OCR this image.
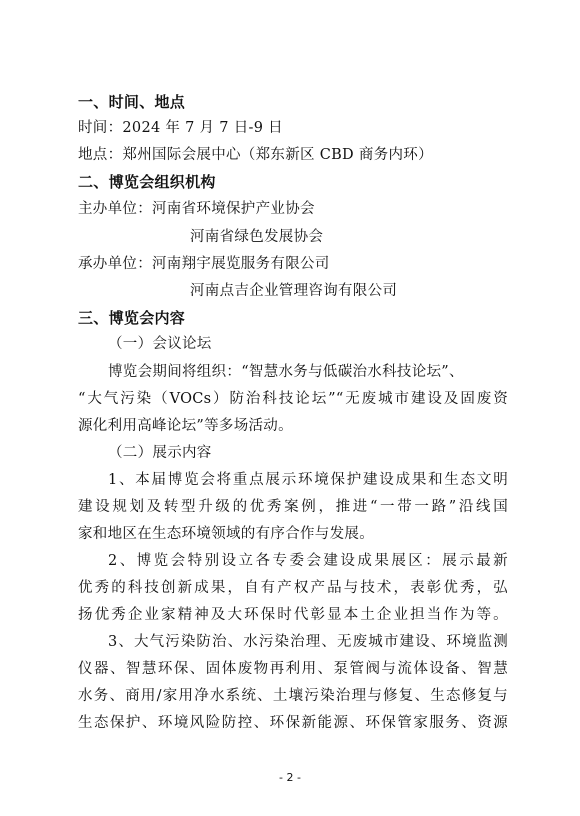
一、时间、地点
时间：2024 年 7 月 7 日-9 日
地点：郑州国际会展中心（郑东新区 CBD 商务内环）
二、博览会组织机构
主办单位：河南省环境保护产业协会
河南省绿色发展协会
承办单位：河南翔宇展览服务有限公司
河南点吉企业管理咨询有限公司
三、博览会内容
（一）会议论坛
博览会期间将组织：“智慧水务与低碳治水科技论坛”、
“大气污染（VOCs）防治科技论坛”“无废城市建设及固废资
源化利用高峰论坛”等多场活动。
（二）展示内容
1、本届博览会将重点展示环境保护建设成果和生态文明
建设规划及转型升级的优秀案例，推进“一带一路”沿线国
家和地区在生态环境领域的有序合作与发展。
2、博览会特别设立各专委会建设成果展区：展示最新
优秀的科技创新成果，自有产权产品与技术，表彰优秀，弘
扬优秀企业家精神及大环保时代彰显本土企业担当作为等。
3、大气污染防治、水污染治理、无废城市建设、环境监测
仪器、智慧环保、固体废物再利用、泵管阀与流体设备、智慧
水务、商用/家用净水系统、土壤污染治理与修复、生态修复与
生态保护、环境风险防控、环保新能源、环保管家服务、资源
- 2 -
